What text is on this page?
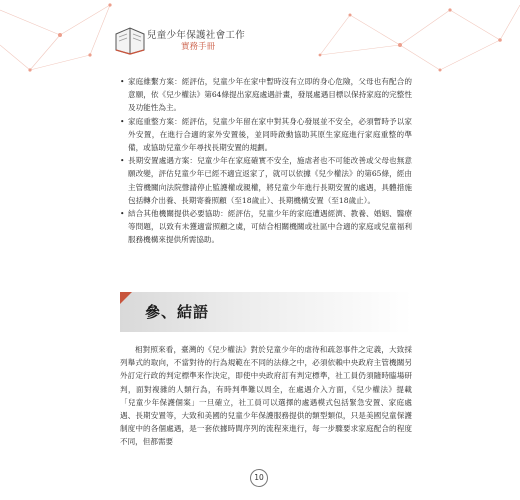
兒童少年保護社會工作
實務手冊
• 家庭維繫方案：經評估，兒童少年在家中暫時沒有立即的身心危險，父母也有配合的意願，依《兒少權法》第64條提出家庭處遇計畫，發展處遇目標以保持家庭的完整性及功能性為主。
• 家庭重整方案：經評估，兒童少年留在家中對其身心發展並不安全，必須暫時予以家外安置，在進行合適的家外安置後，並同時啟動協助其原生家庭進行家庭重整的準備，或協助兒童少年尋找長期安置的規劃。
• 長期安置處遇方案：兒童少年在家庭確實不安全，施虐者也不可能改善或父母也無意願改變，評估兒童少年已經不適宜返家了，就可以依據《兒少權法》的第65條，經由主管機關向法院聲請停止監護權或親權，將兒童少年進行長期安置的處遇，具體措施包括轉介出養、長期寄養照顧（至18歲止）、長期機構安置（至18歲止）。
• 結合其他機關提供必要協助：經評估，兒童少年的家庭遭遇經濟、教養、婚姻、醫療等問題，以致有未獲適當照顧之虞，可結合相關機關或社區中合適的家庭或兒童福利服務機構來提供所需協助。
參、結語

相對照來看，臺灣的《兒少權法》對於兒童少年的虐待和疏忽事件之定義，大致採列舉式的取向，不當對待的行為規範在不同的法條之中，必須依賴中央政府主管機關另外訂定行政的判定標準來作決定，即使中央政府訂有判定標準，社工員仍須隨時臨場研判，面對複雜的人類行為，有時判準難以周全，在處遇介入方面，《兒少權法》提載「兒童少年保護個案」一旦確立，社工員可以選擇的處遇模式包括緊急安置、家庭處遇、長期安置等，大致和美國的兒童少年保護服務提供的類型類似，只是美國兒童保護制度中的各個處遇，是一套依據時間序列的流程來進行，每一步驟要求家庭配合的程度不同，但都需要

10
